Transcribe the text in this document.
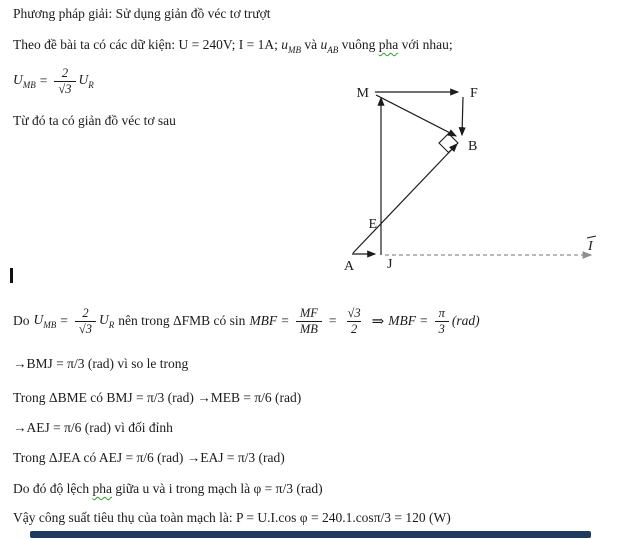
Phương pháp giải: Sử dụng giản đồ véc tơ trượt
Theo đề bài ta có các dữ kiện: U = 240V; I = 1A; $u_{MB}$ và $u_{AB}$ vuông pha với nhau;
$U_{MB} = \frac{2}{√3} U_R$
Từ đó ta có giản đồ véc tơ sau
M	F
B
E
A J
I
Do $U_{MB} = \frac{2}{√3} U_R$ nên trong ΔFMB có sin MBF = $\frac{MF}{MB} = \frac{√3}{2}$ ⇒ MBF = $\frac{\pi}{3} (rad)$
→BMJ = π/3 (rad) vì so le trong
Trong ΔBME có BMJ = π/3 (rad) →MEB = π/6 (rad)
→AEJ = π/6 (rad) vì đối đỉnh
Trong ΔJEA có AEJ = π/6 (rad) →EAJ = π/3 (rad)
Do đó độ lệch pha giữa u và i trong mạch là φ = π/3 (rad)
Vậy công suất tiêu thụ của toàn mạch là: P = U.I.cos φ = 240.1.cosπ/3 = 120 (W)
